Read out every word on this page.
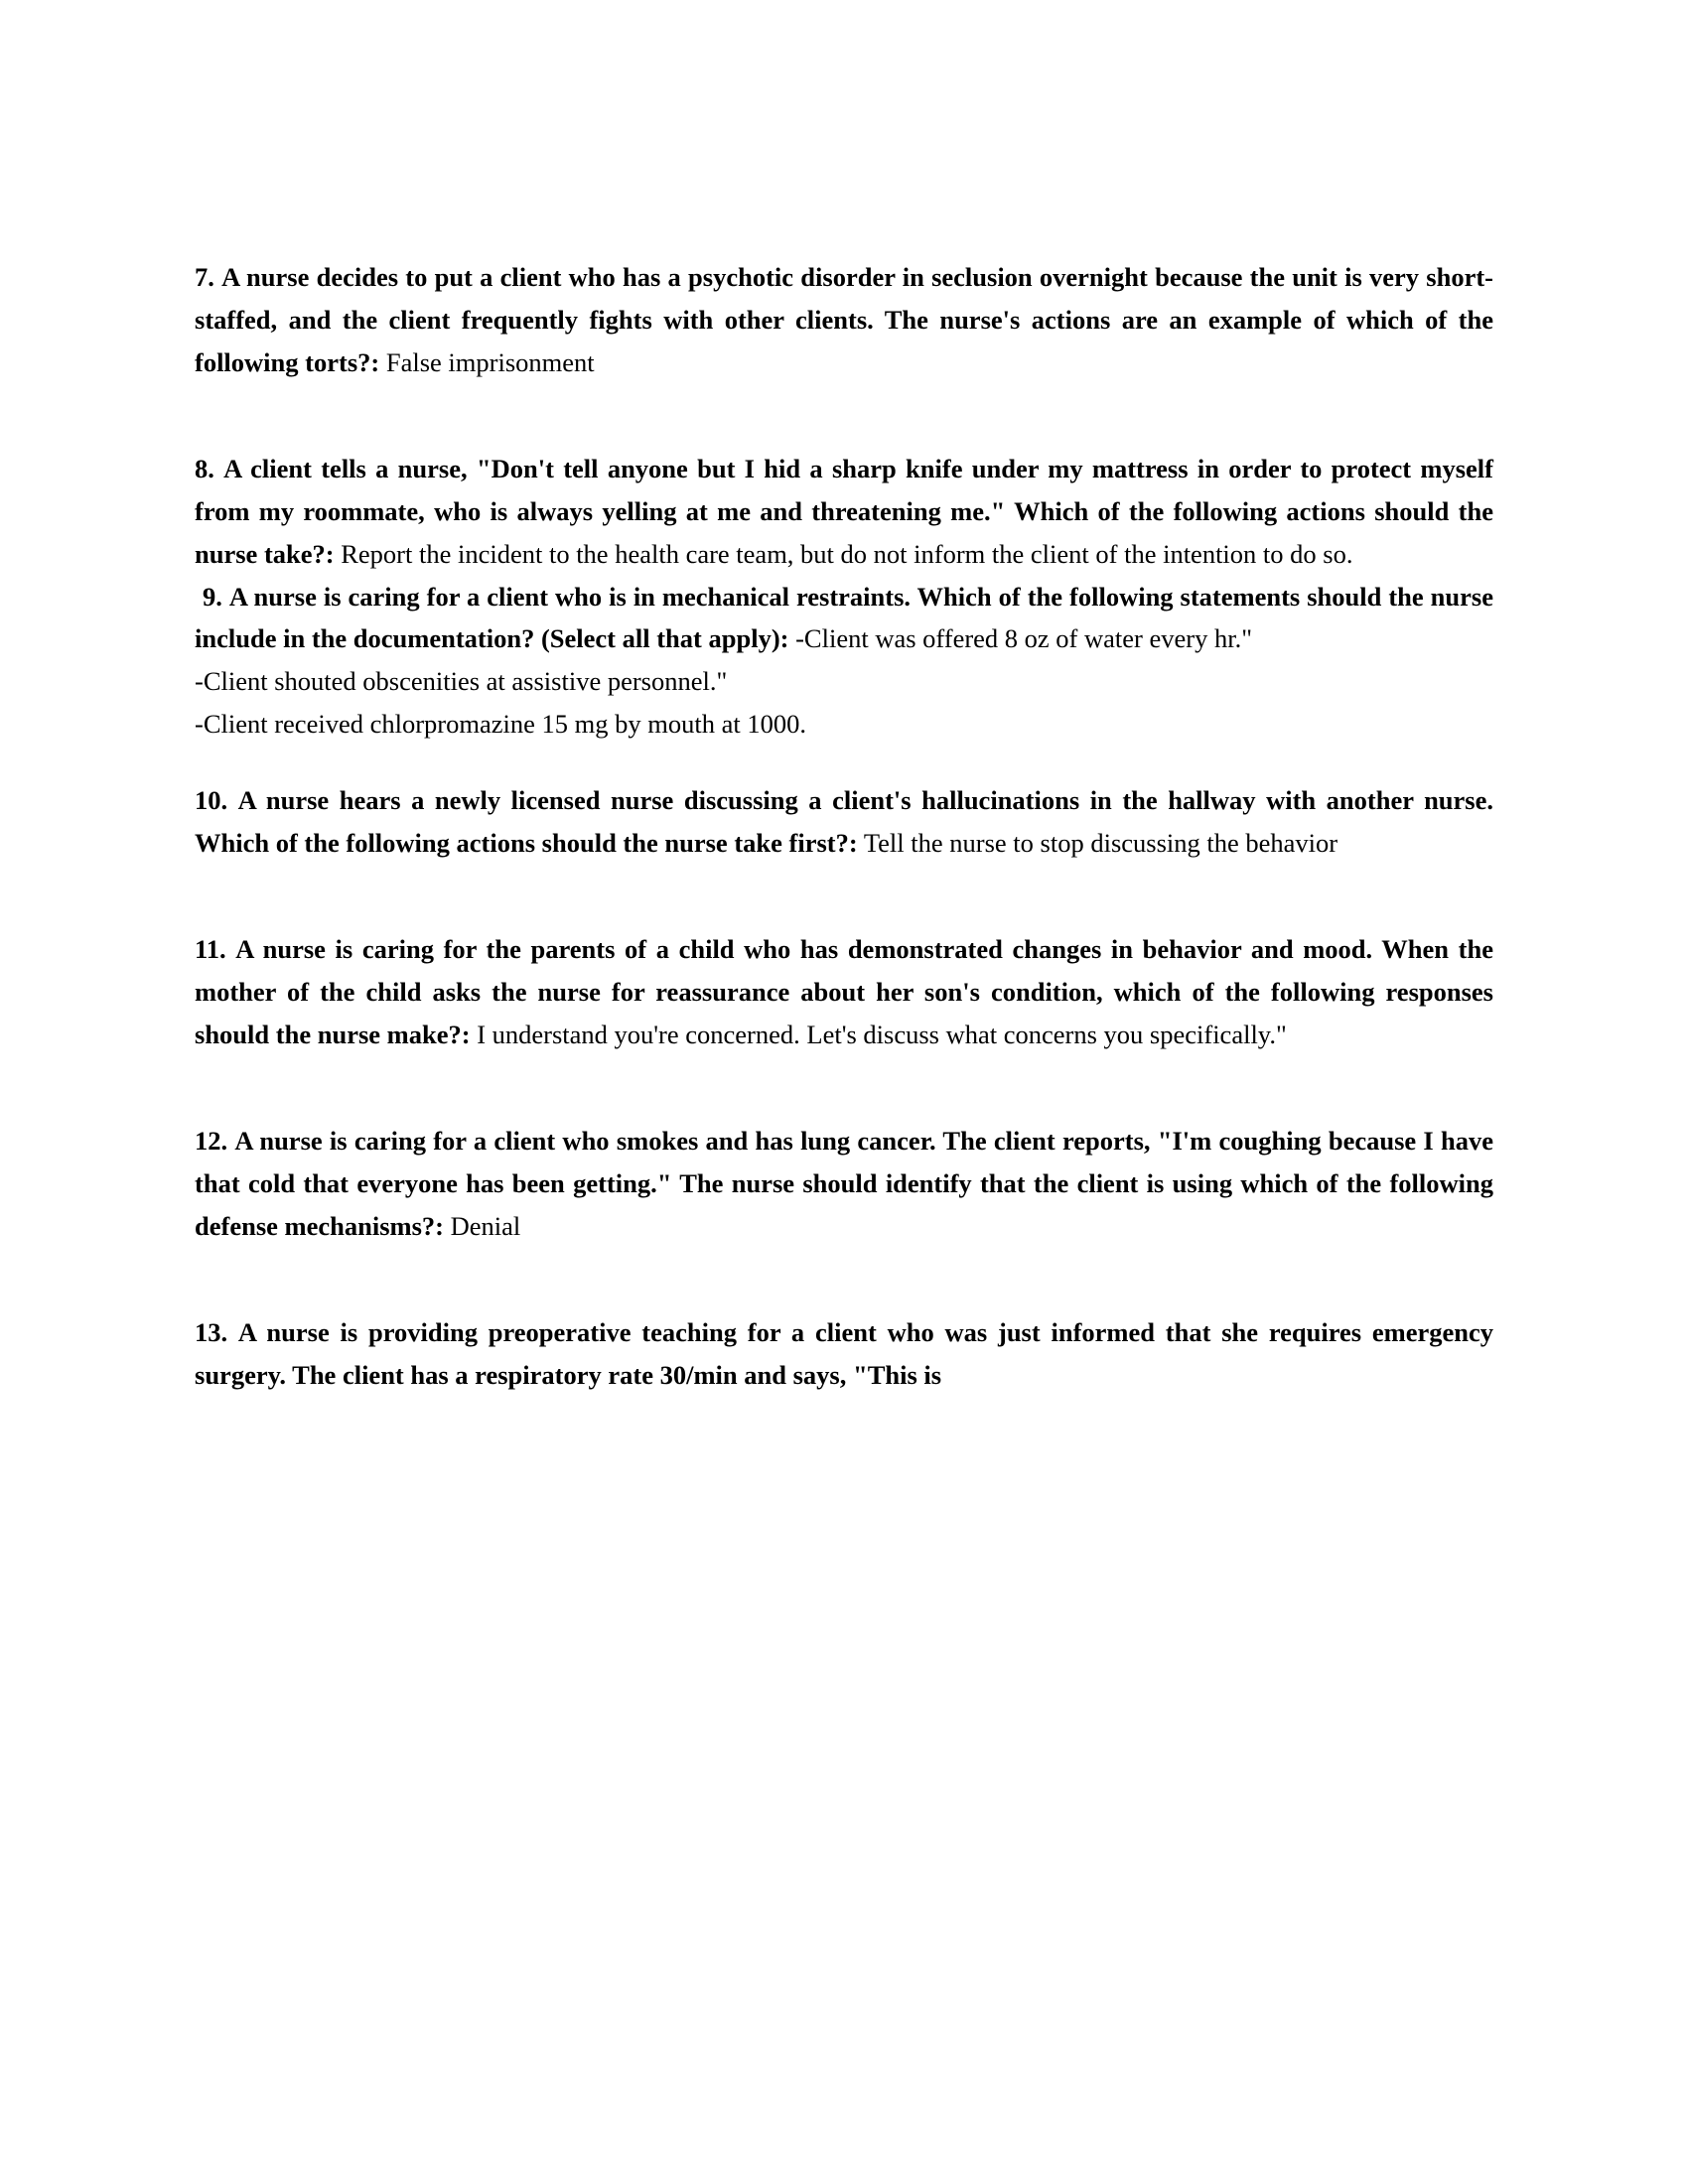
7. A nurse decides to put a client who has a psychotic disorder in seclusion overnight because the unit is very short-staffed, and the client frequently fights with other clients. The nurse's actions are an example of which of the following torts?: False imprisonment

8. A client tells a nurse, "Don't tell anyone but I hid a sharp knife under my mattress in order to protect myself from my roommate, who is always yelling at me and threatening me." Which of the following actions should the nurse take?: Report the incident to the health care team, but do not inform the client of the intention to do so.

9. A nurse is caring for a client who is in mechanical restraints. Which of the following statements should the nurse include in the documentation? (Select all that apply): -Client was offered 8 oz of water every hr."

-Client shouted obscenities at assistive personnel."

-Client received chlorpromazine 15 mg by mouth at 1000.

10. A nurse hears a newly licensed nurse discussing a client's hallucinations in the hallway with another nurse. Which of the following actions should the nurse take first?: Tell the nurse to stop discussing the behavior

11. A nurse is caring for the parents of a child who has demonstrated changes in behavior and mood. When the mother of the child asks the nurse for reassurance about her son's condition, which of the following responses should the nurse make?: I understand you're concerned. Let's discuss what concerns you specifically."

12. A nurse is caring for a client who smokes and has lung cancer. The client reports, "I'm coughing because I have that cold that everyone has been getting." The nurse should identify that the client is using which of the following defense mechanisms?: Denial

13. A nurse is providing preoperative teaching for a client who was just informed that she requires emergency surgery. The client has a respiratory rate 30/min and says, "This is
